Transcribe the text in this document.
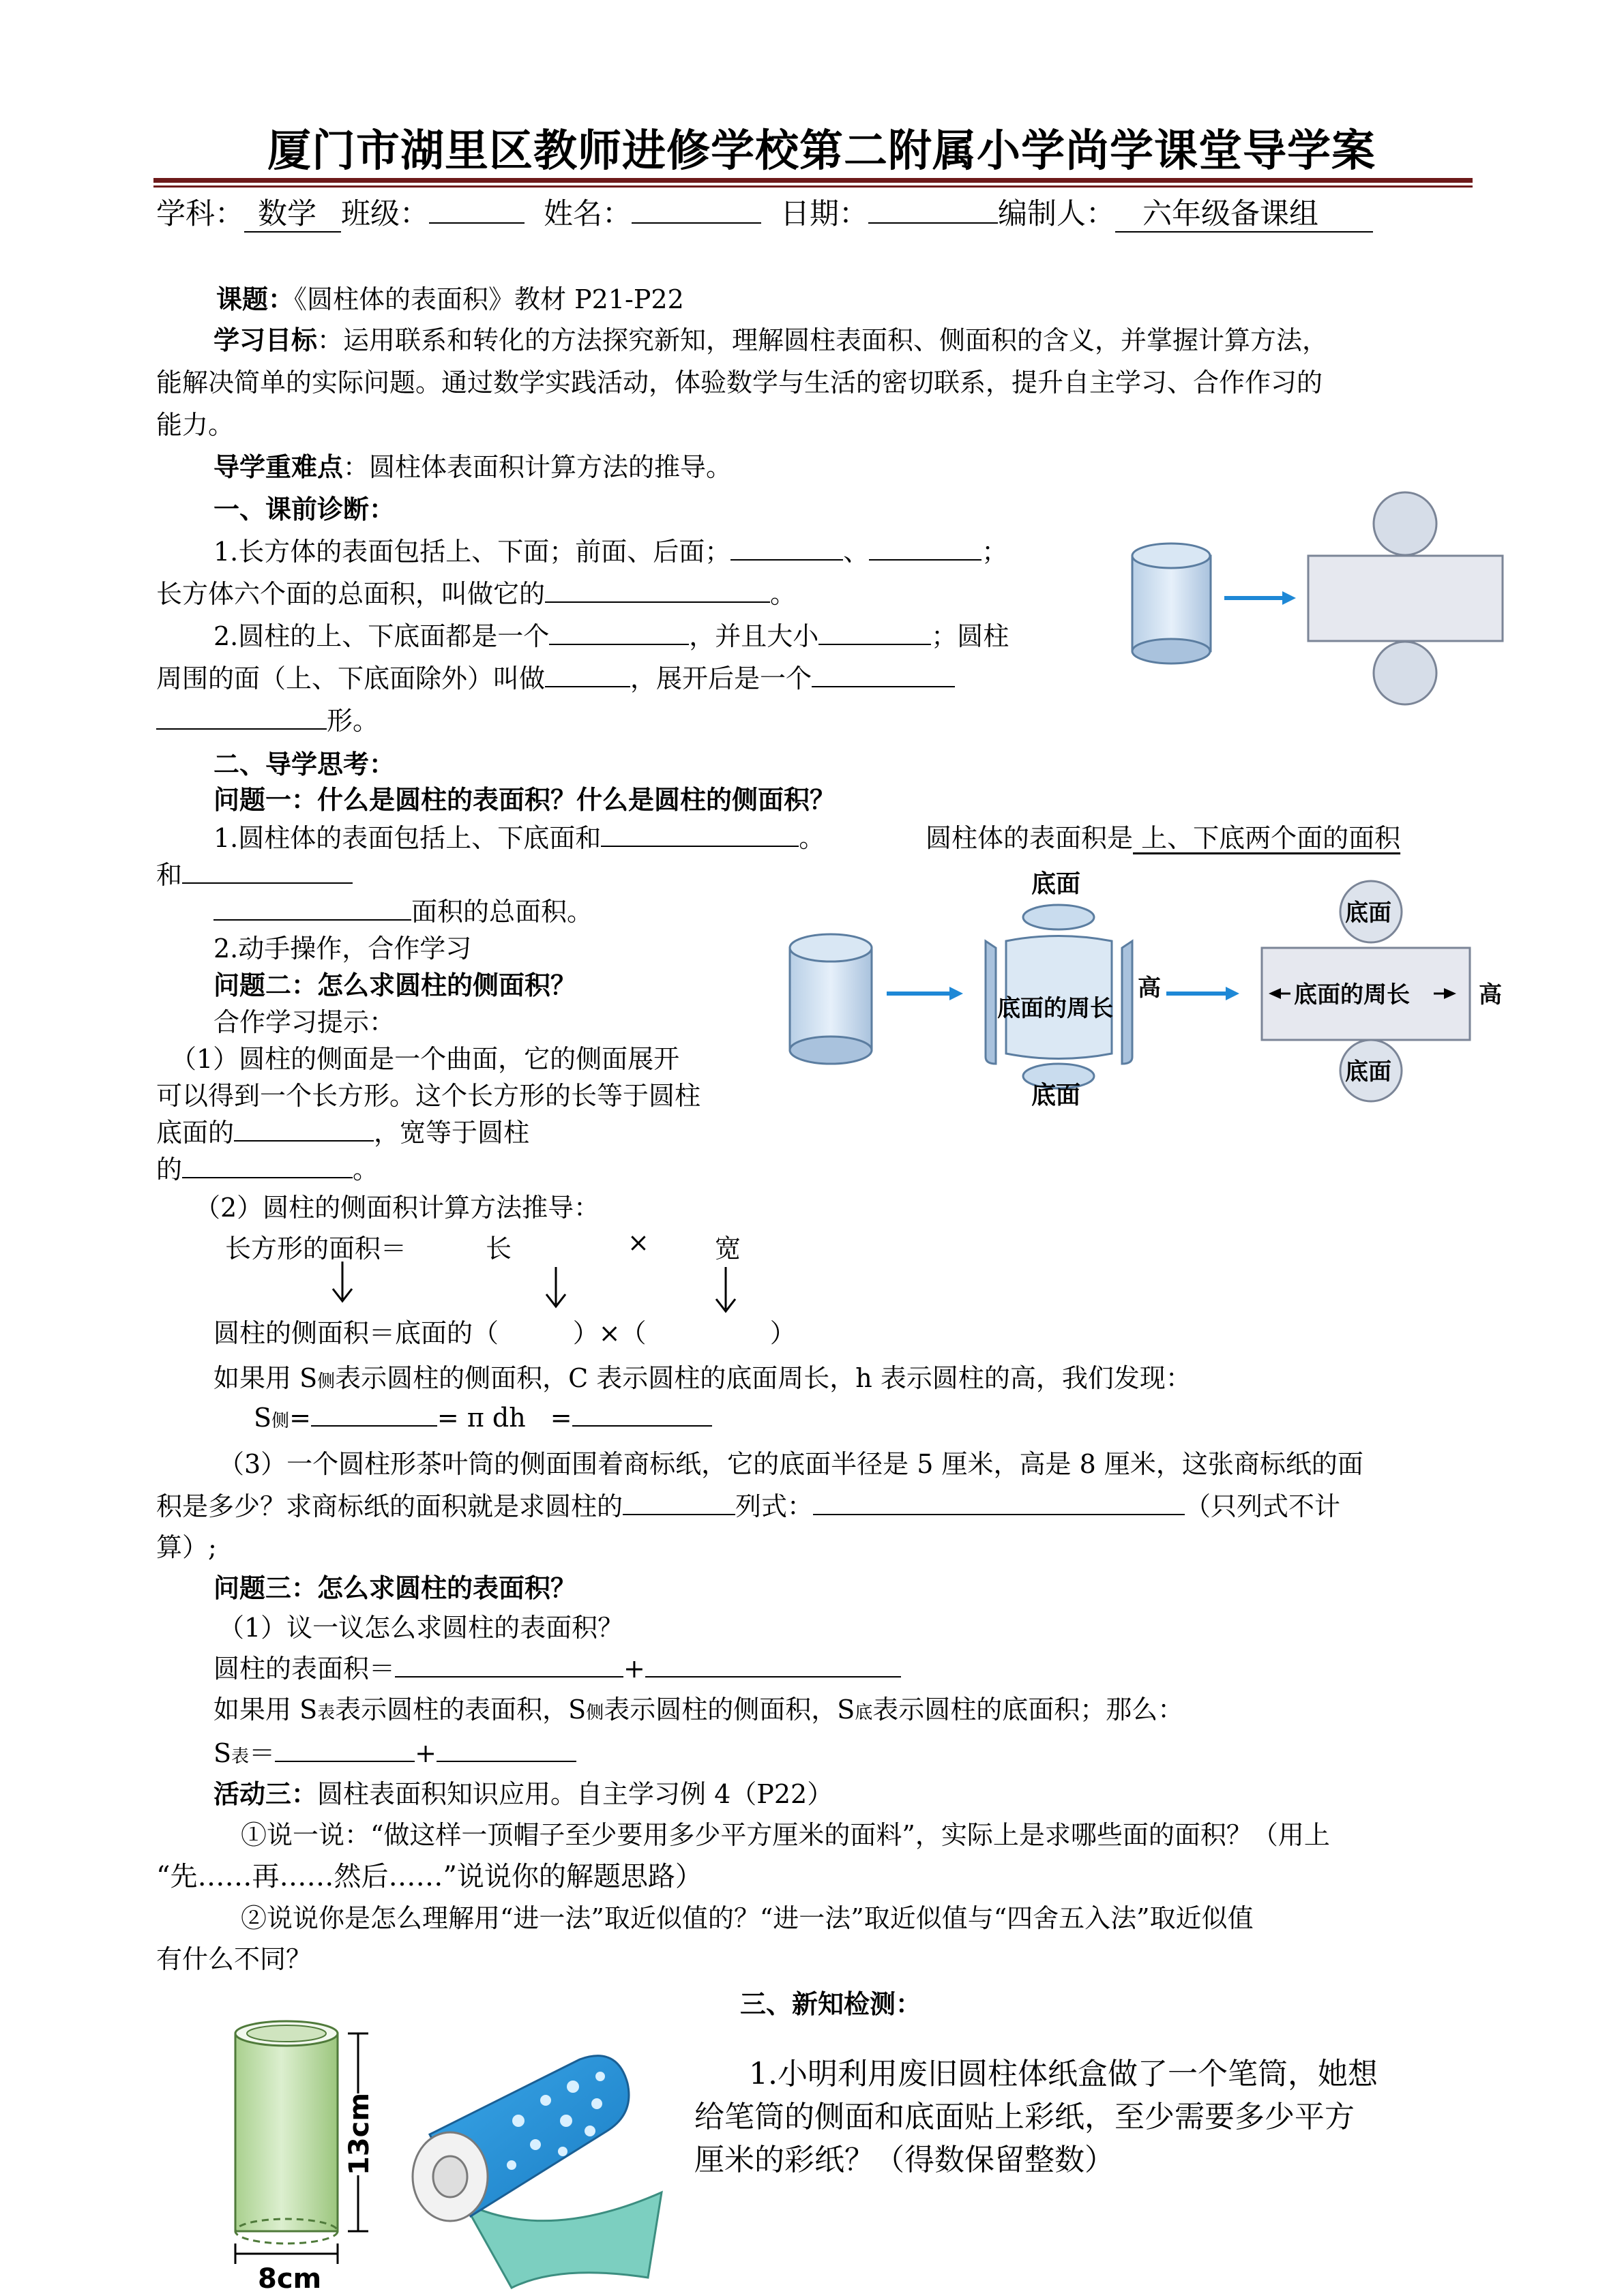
厦门市湖里区教师进修学校第二附属小学尚学课堂导学案
学科： 数学 班级：	姓名：	日期：	编制人： 六年级备课组
课题：《圆柱体的表面积》教材 P21-P22
学习目标：运用联系和转化的方法探究新知，理解圆柱表面积、侧面积的含义，并掌握计算方法，
能解决简单的实际问题。通过数学实践活动，体验数学与生活的密切联系，提升自主学习、合作作习的
能力。
导学重难点：圆柱体表面积计算方法的推导。
一、课前诊断：
1.长方体的表面包括上、下面；前面、后面；	、	；
长方体六个面的总面积，叫做它的	。
2.圆柱的上、下底面都是一个	，并且大小	；圆柱
周围的面（上、下底面除外）叫做	，展开后是一个
形。
二、导学思考：
问题一：什么是圆柱的表面积？什么是圆柱的侧面积？
1.圆柱体的表面包括上、下底面和	。	圆柱体的表面积是 上、下底两个面的面积
和
面积的总面积。
2.动手操作，合作学习
问题二：怎么求圆柱的侧面积？
合作学习提示：
（1）圆柱的侧面是一个曲面，它的侧面展开
可以得到一个长方形。这个长方形的长等于圆柱
底面的	，宽等于圆柱
的	。
底面
底面的周长
高
底面
底面
底面
底面的周长	高
（2）圆柱的侧面积计算方法推导：
长方形的面积＝	长	×	宽
圆柱的侧面积＝底面的（         ）×（               ）
如果用 S侧表示圆柱的侧面积，C 表示圆柱的底面周长，h 表示圆柱的高，我们发现：
S侧=	= π dh =
（3）一个圆柱形茶叶筒的侧面围着商标纸，它的底面半径是 5 厘米，高是 8 厘米，这张商标纸的面
积是多少？求商标纸的面积就是求圆柱的	列式：	（只列式不计
算）;
问题三：怎么求圆柱的表面积？
（1）议一议怎么求圆柱的表面积？
圆柱的表面积＝	+
如果用 S表表示圆柱的表面积，S侧表示圆柱的侧面积，S底表示圆柱的底面积；那么：
S表＝	+
活动三：圆柱表面积知识应用。自主学习例 4（P22）
①说一说：“做这样一顶帽子至少要用多少平方厘米的面料”，实际上是求哪些面的面积？（用上
“先……再……然后……”说说你的解题思路）
②说说你是怎么理解用“进一法”取近似值的？“进一法”取近似值与“四舍五入法”取近似值
有什么不同？
三、新知检测：
13cm
8cm
1.小明利用废旧圆柱体纸盒做了一个笔筒，她想
给笔筒的侧面和底面贴上彩纸，至少需要多少平方
厘米的彩纸？（得数保留整数）
